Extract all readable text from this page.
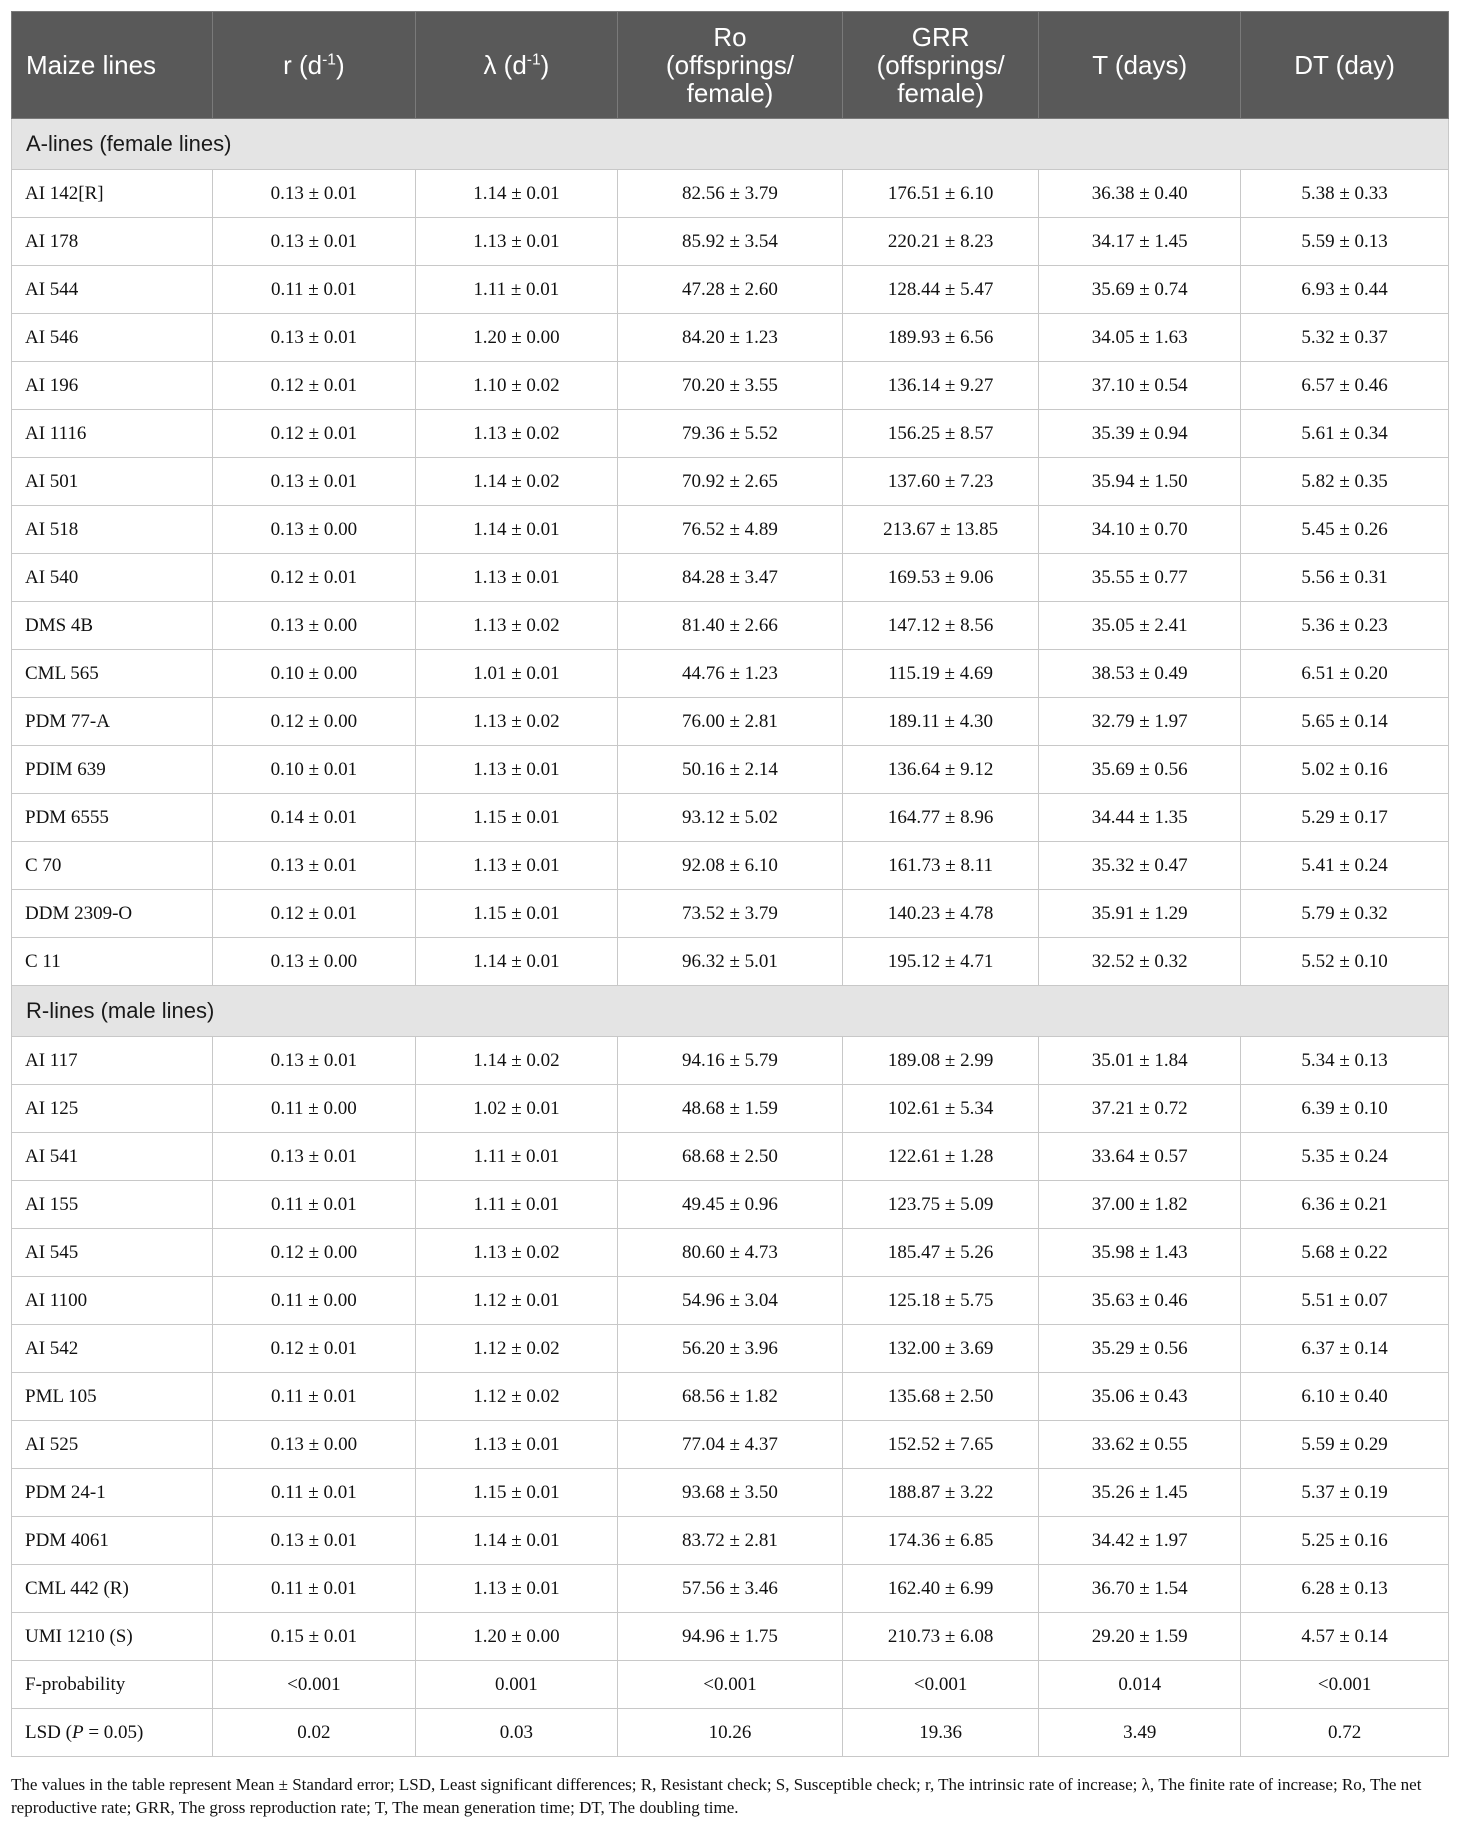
Maize lines	r $(d^{-1})$	λ $(d^{-1})$	Ro
(offsprings/
female)	GRR
(offsprings/
female)	T (days)	DT (day)
A-lines (female lines)						
AI 142[R]	0.13 ± 0.01	1.14 ± 0.01	82.56 ± 3.79	176.51 ± 6.10	36.38 ± 0.40	5.38 ± 0.33
AI 178	0.13 ± 0.01	1.13 ± 0.01	85.92 ± 3.54	220.21 ± 8.23	34.17 ± 1.45	5.59 ± 0.13
AI 544	0.11 ± 0.01	1.11 ± 0.01	47.28 ± 2.60	128.44 ± 5.47	35.69 ± 0.74	6.93 ± 0.44
AI 546	0.13 ± 0.01	1.20 ± 0.00	84.20 ± 1.23	189.93 ± 6.56	34.05 ± 1.63	5.32 ± 0.37
AI 196	0.12 ± 0.01	1.10 ± 0.02	70.20 ± 3.55	136.14 ± 9.27	37.10 ± 0.54	6.57 ± 0.46
AI 1116	0.12 ± 0.01	1.13 ± 0.02	79.36 ± 5.52	156.25 ± 8.57	35.39 ± 0.94	5.61 ± 0.34
AI 501	0.13 ± 0.01	1.14 ± 0.02	70.92 ± 2.65	137.60 ± 7.23	35.94 ± 1.50	5.82 ± 0.35
AI 518	0.13 ± 0.00	1.14 ± 0.01	76.52 ± 4.89	213.67 ± 13.85	34.10 ± 0.70	5.45 ± 0.26
AI 540	0.12 ± 0.01	1.13 ± 0.01	84.28 ± 3.47	169.53 ± 9.06	35.55 ± 0.77	5.56 ± 0.31
DMS 4B	0.13 ± 0.00	1.13 ± 0.02	81.40 ± 2.66	147.12 ± 8.56	35.05 ± 2.41	5.36 ± 0.23
CML 565	0.10 ± 0.00	1.01 ± 0.01	44.76 ± 1.23	115.19 ± 4.69	38.53 ± 0.49	6.51 ± 0.20
PDM 77-A	0.12 ± 0.00	1.13 ± 0.02	76.00 ± 2.81	189.11 ± 4.30	32.79 ± 1.97	5.65 ± 0.14
PDIM 639	0.10 ± 0.01	1.13 ± 0.01	50.16 ± 2.14	136.64 ± 9.12	35.69 ± 0.56	5.02 ± 0.16
PDM 6555	0.14 ± 0.01	1.15 ± 0.01	93.12 ± 5.02	164.77 ± 8.96	34.44 ± 1.35	5.29 ± 0.17
C 70	0.13 ± 0.01	1.13 ± 0.01	92.08 ± 6.10	161.73 ± 8.11	35.32 ± 0.47	5.41 ± 0.24
DDM 2309-O	0.12 ± 0.01	1.15 ± 0.01	73.52 ± 3.79	140.23 ± 4.78	35.91 ± 1.29	5.79 ± 0.32
C 11	0.13 ± 0.00	1.14 ± 0.01	96.32 ± 5.01	195.12 ± 4.71	32.52 ± 0.32	5.52 ± 0.10
R-lines (male lines)						
AI 117	0.13 ± 0.01	1.14 ± 0.02	94.16 ± 5.79	189.08 ± 2.99	35.01 ± 1.84	5.34 ± 0.13
AI 125	0.11 ± 0.00	1.02 ± 0.01	48.68 ± 1.59	102.61 ± 5.34	37.21 ± 0.72	6.39 ± 0.10
AI 541	0.13 ± 0.01	1.11 ± 0.01	68.68 ± 2.50	122.61 ± 1.28	33.64 ± 0.57	5.35 ± 0.24
AI 155	0.11 ± 0.01	1.11 ± 0.01	49.45 ± 0.96	123.75 ± 5.09	37.00 ± 1.82	6.36 ± 0.21
AI 545	0.12 ± 0.00	1.13 ± 0.02	80.60 ± 4.73	185.47 ± 5.26	35.98 ± 1.43	5.68 ± 0.22
AI 1100	0.11 ± 0.00	1.12 ± 0.01	54.96 ± 3.04	125.18 ± 5.75	35.63 ± 0.46	5.51 ± 0.07
AI 542	0.12 ± 0.01	1.12 ± 0.02	56.20 ± 3.96	132.00 ± 3.69	35.29 ± 0.56	6.37 ± 0.14
PML 105	0.11 ± 0.01	1.12 ± 0.02	68.56 ± 1.82	135.68 ± 2.50	35.06 ± 0.43	6.10 ± 0.40
AI 525	0.13 ± 0.00	1.13 ± 0.01	77.04 ± 4.37	152.52 ± 7.65	33.62 ± 0.55	5.59 ± 0.29
PDM 24-1	0.11 ± 0.01	1.15 ± 0.01	93.68 ± 3.50	188.87 ± 3.22	35.26 ± 1.45	5.37 ± 0.19
PDM 4061	0.13 ± 0.01	1.14 ± 0.01	83.72 ± 2.81	174.36 ± 6.85	34.42 ± 1.97	5.25 ± 0.16
CML 442 (R)	0.11 ± 0.01	1.13 ± 0.01	57.56 ± 3.46	162.40 ± 6.99	36.70 ± 1.54	6.28 ± 0.13
UMI 1210 (S)	0.15 ± 0.01	1.20 ± 0.00	94.96 ± 1.75	210.73 ± 6.08	29.20 ± 1.59	4.57 ± 0.14
F-probability	<0.001	0.001	<0.001	<0.001	0.014	<0.001
LSD (P = 0.05)	0.02	0.03	10.26	19.36	3.49	0.72
The values in the table represent Mean ± Standard error; LSD, Least significant differences; R, Resistant check; S, Susceptible check; r, The intrinsic rate of increase; λ, The finite rate of increase; Ro, The net reproductive rate; GRR, The gross reproduction rate; T, The mean generation time; DT, The doubling time.
